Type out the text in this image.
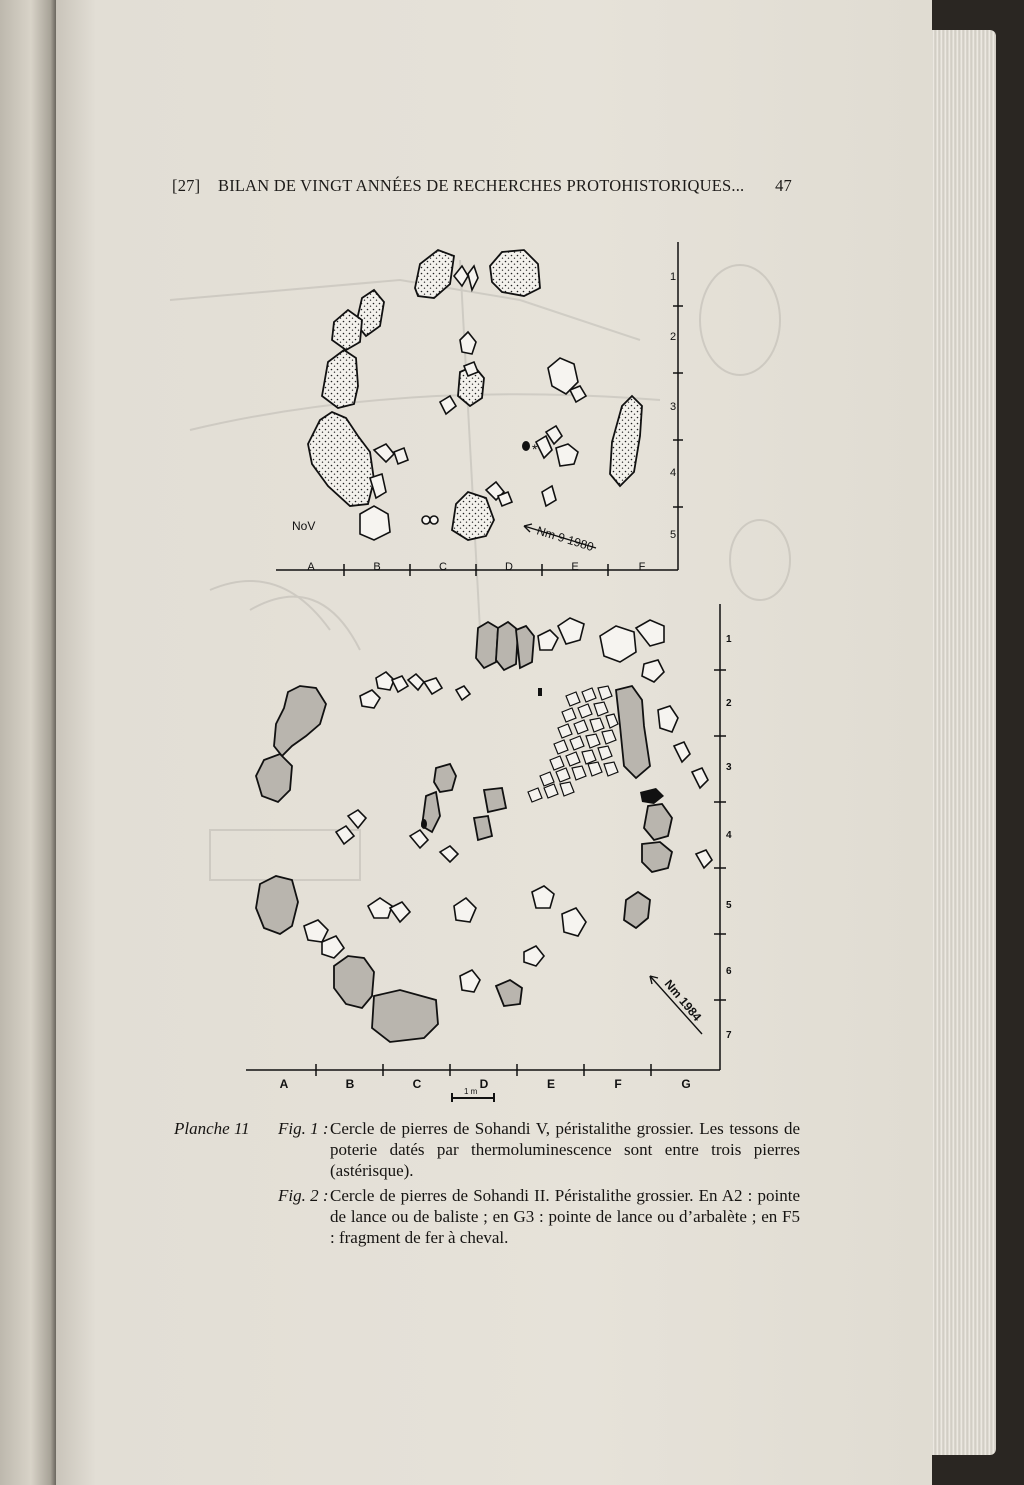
[27] BILAN DE VINGT ANNÉES DE RECHERCHES PROTOHISTORIQUES... 47
*
Nm 9 1980
NoV
A	B	C	D	E	F
1
2
3
4
5
1 m
Nm 1984
A	B	C	D	E	F	G
1
2
3
4
5
6
7
Planche 11 Fig. 1 : Cercle de pierres de Sohandi V, péristalithe grossier. Les tessons de poterie datés par thermoluminescence sont entre trois pierres (astérisque).
Fig. 2 : Cercle de pierres de Sohandi II. Péristalithe grossier. En A2 : pointe de lance ou de baliste ; en G3 : pointe de lance ou d’arbalète ; en F5 : fragment de fer à cheval.
